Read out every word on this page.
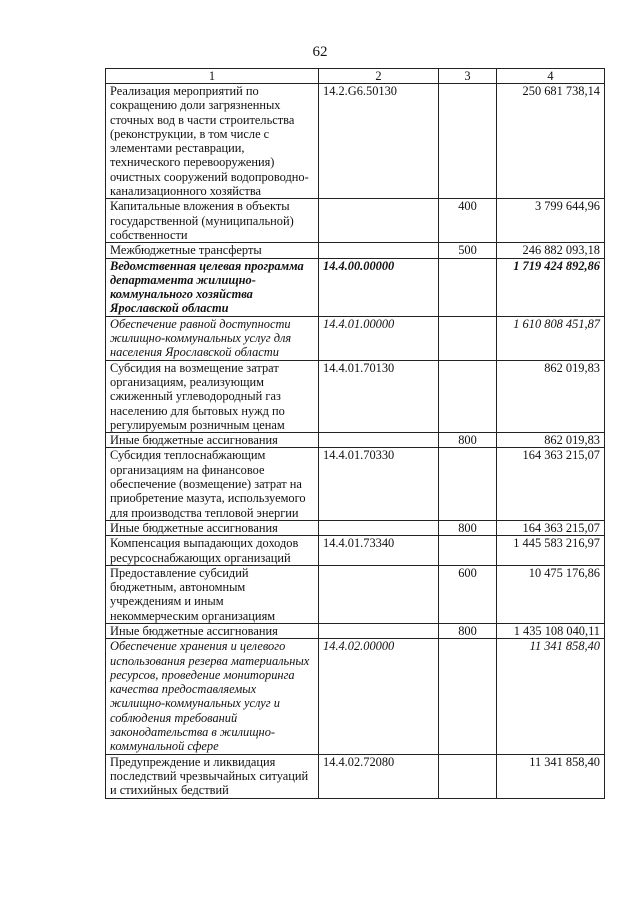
62
1	2	3	4
Реализация мероприятий по сокращению доли загрязненных сточных вод в части строительства (реконструкции, в том числе с элементами реставрации, технического перевооружения) очистных сооружений водопроводно-канализационного хозяйства	14.2.G6.50130		250 681 738,14
Капитальные вложения в объекты государственной (муниципальной) собственности		400	3 799 644,96
Межбюджетные трансферты		500	246 882 093,18
Ведомственная целевая программа департамента жилищно-коммунального хозяйства Ярославской области	14.4.00.00000		1 719 424 892,86
Обеспечение равной доступности жилищно-коммунальных услуг для населения Ярославской области	14.4.01.00000		1 610 808 451,87
Субсидия на возмещение затрат организациям, реализующим сжиженный углеводородный газ населению для бытовых нужд по регулируемым розничным ценам	14.4.01.70130		862 019,83
Иные бюджетные ассигнования		800	862 019,83
Субсидия теплоснабжающим организациям на финансовое обеспечение (возмещение) затрат на приобретение мазута, используемого для производства тепловой энергии	14.4.01.70330		164 363 215,07
Иные бюджетные ассигнования		800	164 363 215,07
Компенсация выпадающих доходов ресурсоснабжающих организаций	14.4.01.73340		1 445 583 216,97
Предоставление субсидий бюджетным, автономным учреждениям и иным некоммерческим организациям		600	10 475 176,86
Иные бюджетные ассигнования		800	1 435 108 040,11
Обеспечение хранения и целевого использования резерва материальных ресурсов, проведение мониторинга качества предоставляемых жилищно-коммунальных услуг и соблюдения требований законодательства в жилищно-коммунальной сфере	14.4.02.00000		11 341 858,40
Предупреждение и ликвидация последствий чрезвычайных ситуаций и стихийных бедствий	14.4.02.72080		11 341 858,40
